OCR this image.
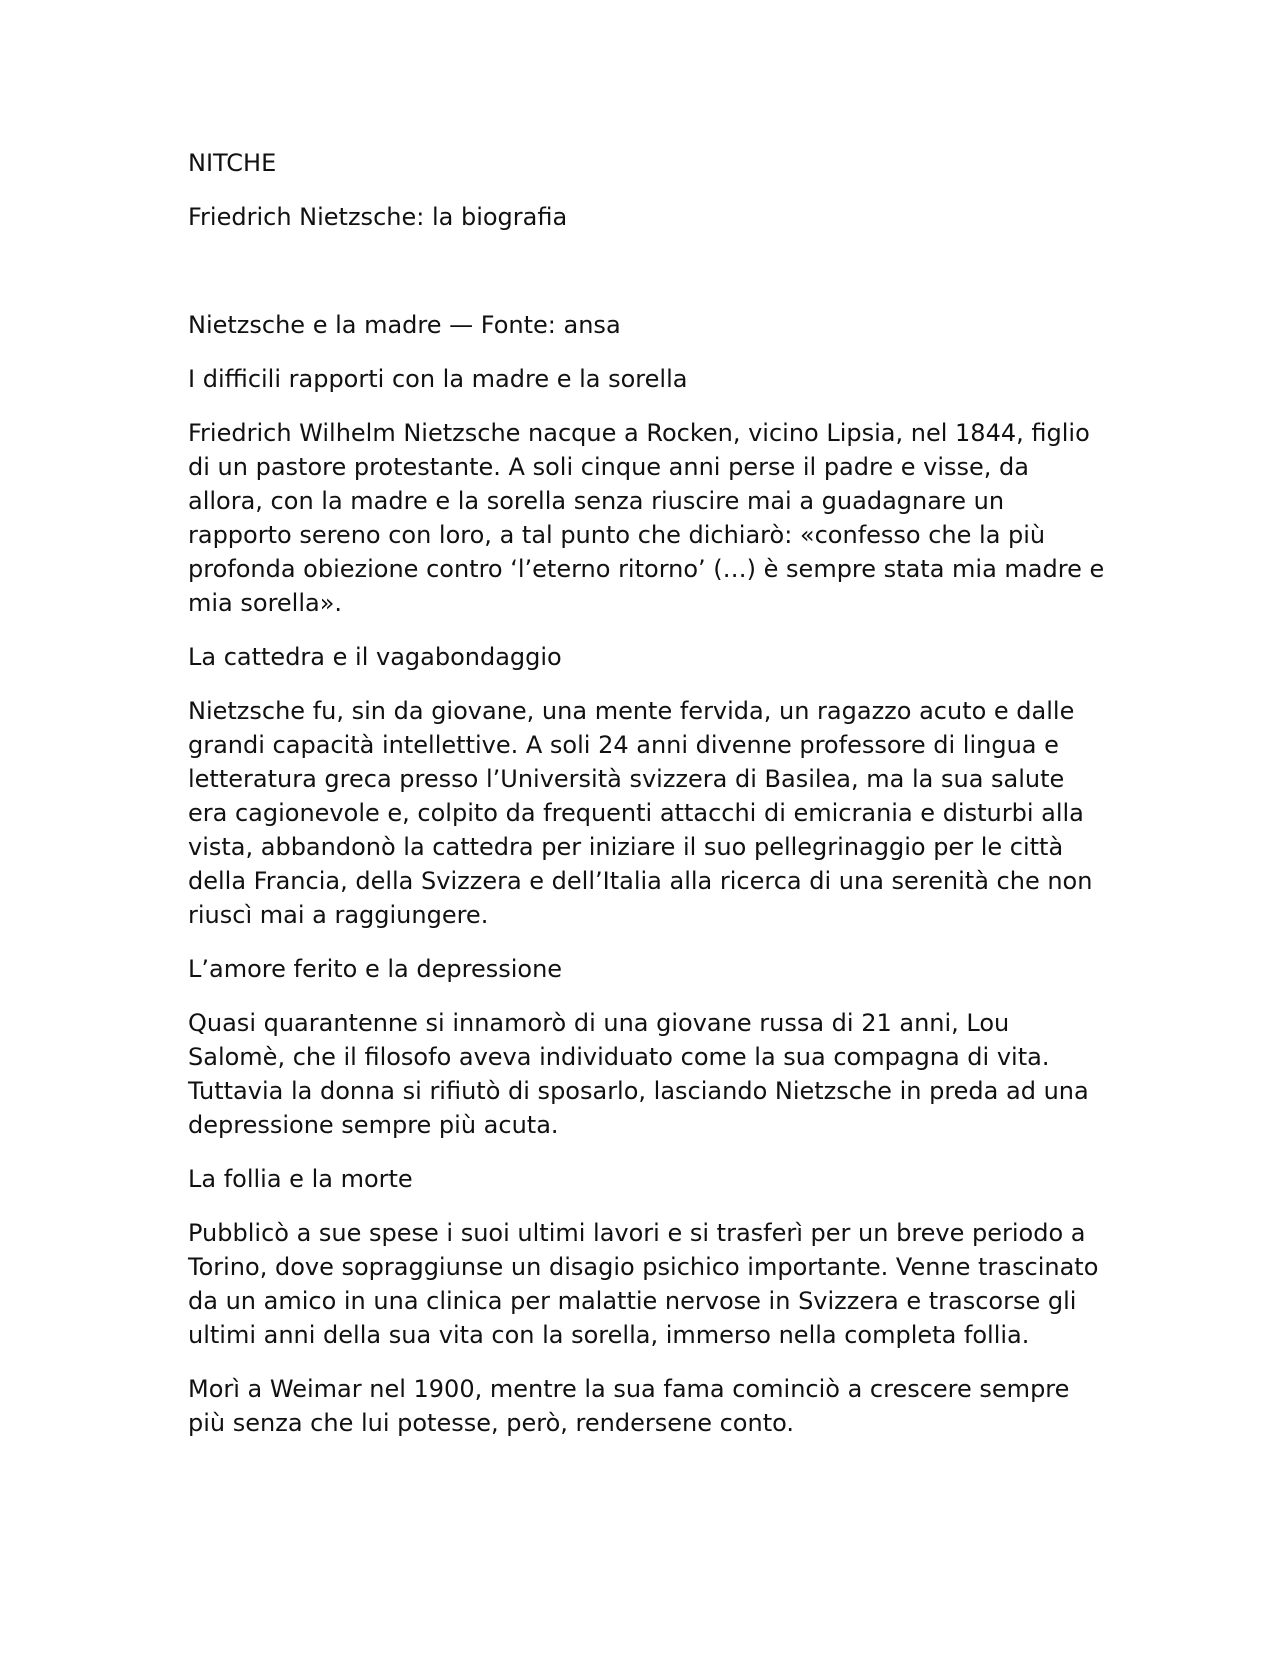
NITCHE

Friedrich Nietzsche: la biografia

Nietzsche e la madre — Fonte: ansa

I difficili rapporti con la madre e la sorella

Friedrich Wilhelm Nietzsche nacque a Rocken, vicino Lipsia, nel 1844, figlio di un pastore protestante. A soli cinque anni perse il padre e visse, da allora, con la madre e la sorella senza riuscire mai a guadagnare un rapporto sereno con loro, a tal punto che dichiarò: «confesso che la più profonda obiezione contro ‘l’eterno ritorno’ (…) è sempre stata mia madre e mia sorella».

La cattedra e il vagabondaggio

Nietzsche fu, sin da giovane, una mente fervida, un ragazzo acuto e dalle grandi capacità intellettive. A soli 24 anni divenne professore di lingua e letteratura greca presso l’Università svizzera di Basilea, ma la sua salute era cagionevole e, colpito da frequenti attacchi di emicrania e disturbi alla vista, abbandonò la cattedra per iniziare il suo pellegrinaggio per le città della Francia, della Svizzera e dell’Italia alla ricerca di una serenità che non riuscì mai a raggiungere.

L’amore ferito e la depressione

Quasi quarantenne si innamorò di una giovane russa di 21 anni, Lou Salomè, che il filosofo aveva individuato come la sua compagna di vita. Tuttavia la donna si rifiutò di sposarlo, lasciando Nietzsche in preda ad una depressione sempre più acuta.

La follia e la morte

Pubblicò a sue spese i suoi ultimi lavori e si trasferì per un breve periodo a Torino, dove sopraggiunse un disagio psichico importante. Venne trascinato da un amico in una clinica per malattie nervose in Svizzera e trascorse gli ultimi anni della sua vita con la sorella, immerso nella completa follia.

Morì a Weimar nel 1900, mentre la sua fama cominciò a crescere sempre più senza che lui potesse, però, rendersene conto.
